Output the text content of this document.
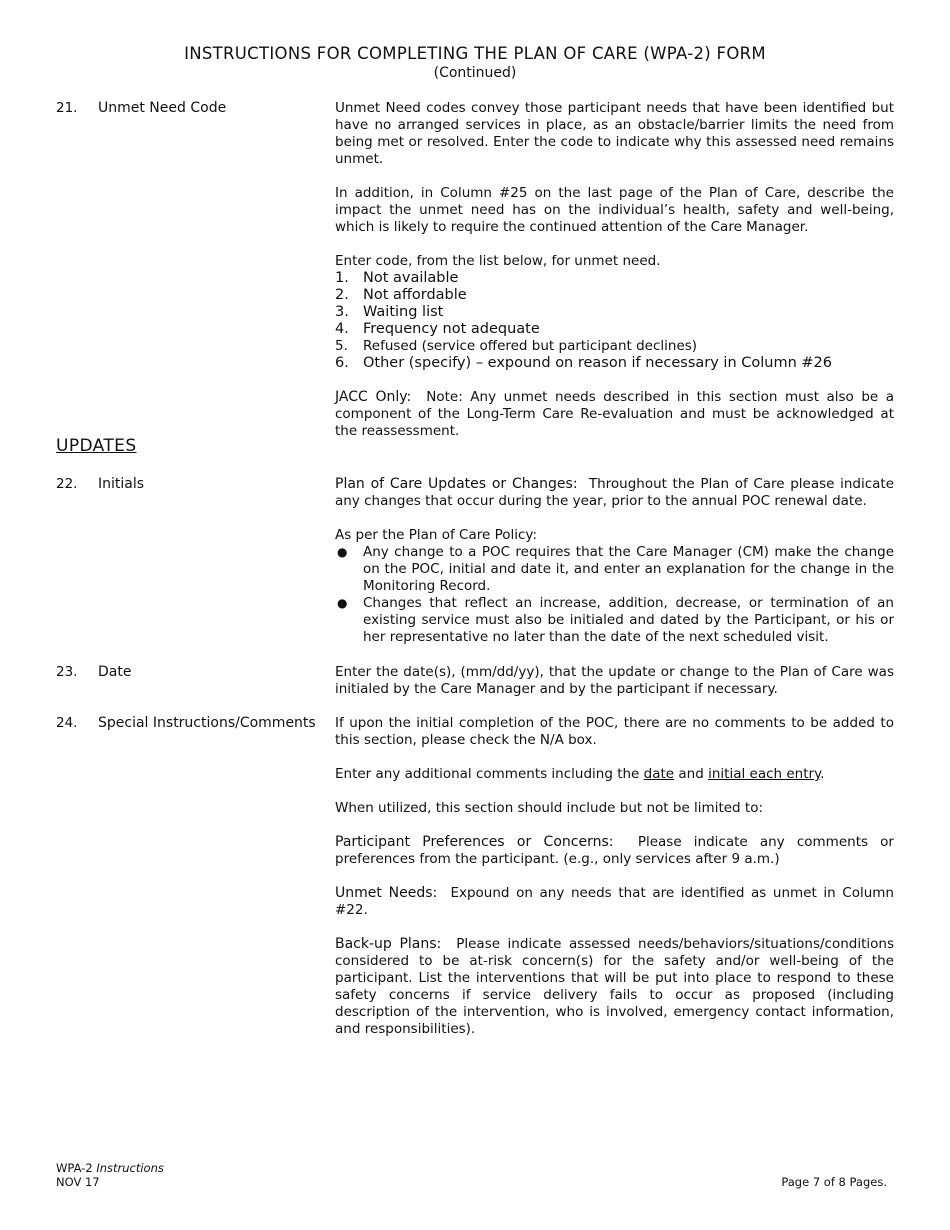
INSTRUCTIONS FOR COMPLETING THE PLAN OF CARE (WPA-2) FORM
(Continued)
21.	Unmet Need Code	Unmet Need codes convey those participant needs that have been identified but have no arranged services in place, as an obstacle/barrier limits the need from being met or resolved. Enter the code to indicate why this assessed need remains unmet.

In addition, in Column #25 on the last page of the Plan of Care, describe the impact the unmet need has on the individual’s health, safety and well-being, which is likely to require the continued attention of the Care Manager.

Enter code, from the list below, for unmet need.

1. Not available
2. Not affordable
3. Waiting list
4. Frequency not adequate
5. Refused (service offered but participant declines)
6. Other (specify) – expound on reason if necessary in Column #26

JACC Only: Note: Any unmet needs described in this section must also be a component of the Long-Term Care Re-evaluation and must be acknowledged at the reassessment.

UPDATES
22.	Initials	Plan of Care Updates or Changes: Throughout the Plan of Care please indicate any changes that occur during the year, prior to the annual POC renewal date.

As per the Plan of Care Policy:

● Any change to a POC requires that the Care Manager (CM) make the change on the POC, initial and date it, and enter an explanation for the change in the Monitoring Record.
● Changes that reflect an increase, addition, decrease, or termination of an existing service must also be initialed and dated by the Participant, or his or her representative no later than the date of the next scheduled visit.
23.	Date	Enter the date(s), (mm/dd/yy), that the update or change to the Plan of Care was initialed by the Care Manager and by the participant if necessary.

24.	Special Instructions/Comments	If upon the initial completion of the POC, there are no comments to be added to this section, please check the N/A box.

Enter any additional comments including the date and initial each entry.

When utilized, this section should include but not be limited to:

Participant Preferences or Concerns: Please indicate any comments or preferences from the participant. (e.g., only services after 9 a.m.)

Unmet Needs: Expound on any needs that are identified as unmet in Column #22.

Back-up Plans: Please indicate assessed needs/behaviors/situations/conditions considered to be at-risk concern(s) for the safety and/or well-being of the participant. List the interventions that will be put into place to respond to these safety concerns if service delivery fails to occur as proposed (including description of the intervention, who is involved, emergency contact information, and responsibilities).

WPA-2 Instructions
NOV 17	Page 7 of 8 Pages.
